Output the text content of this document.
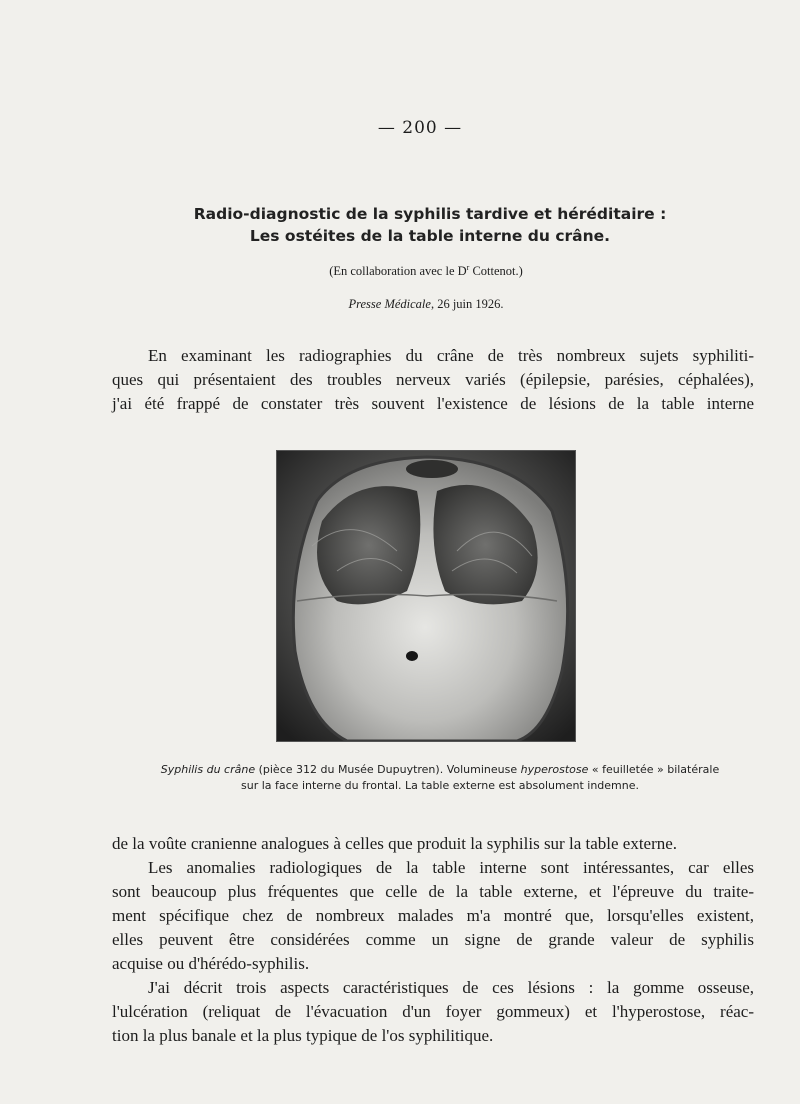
— 200 —
Radio-diagnostic de la syphilis tardive et héréditaire :
Les ostéites de la table interne du crâne.
(En collaboration avec le $D^r$ Cottenot.)
Presse Médicale, 26 juin 1926.
En examinant les radiographies du crâne de très nombreux sujets syphiliti-
ques qui présentaient des troubles nerveux variés (épilepsie, parésies, céphalées),
j'ai été frappé de constater très souvent l'existence de lésions de la table interne
Syphilis du crâne (pièce 312 du Musée Dupuytren). Volumineuse hyperostose « feuilletée » bilatérale
sur la face interne du frontal. La table externe est absolument indemne.
de la voûte cranienne analogues à celles que produit la syphilis sur la table externe.
Les anomalies radiologiques de la table interne sont intéressantes, car elles
sont beaucoup plus fréquentes que celle de la table externe, et l'épreuve du traite-
ment spécifique chez de nombreux malades m'a montré que, lorsqu'elles existent,
elles peuvent être considérées comme un signe de grande valeur de syphilis
acquise ou d'hérédo-syphilis.
J'ai décrit trois aspects caractéristiques de ces lésions : la gomme osseuse,
l'ulcération (reliquat de l'évacuation d'un foyer gommeux) et l'hyperostose, réac-
tion la plus banale et la plus typique de l'os syphilitique.
